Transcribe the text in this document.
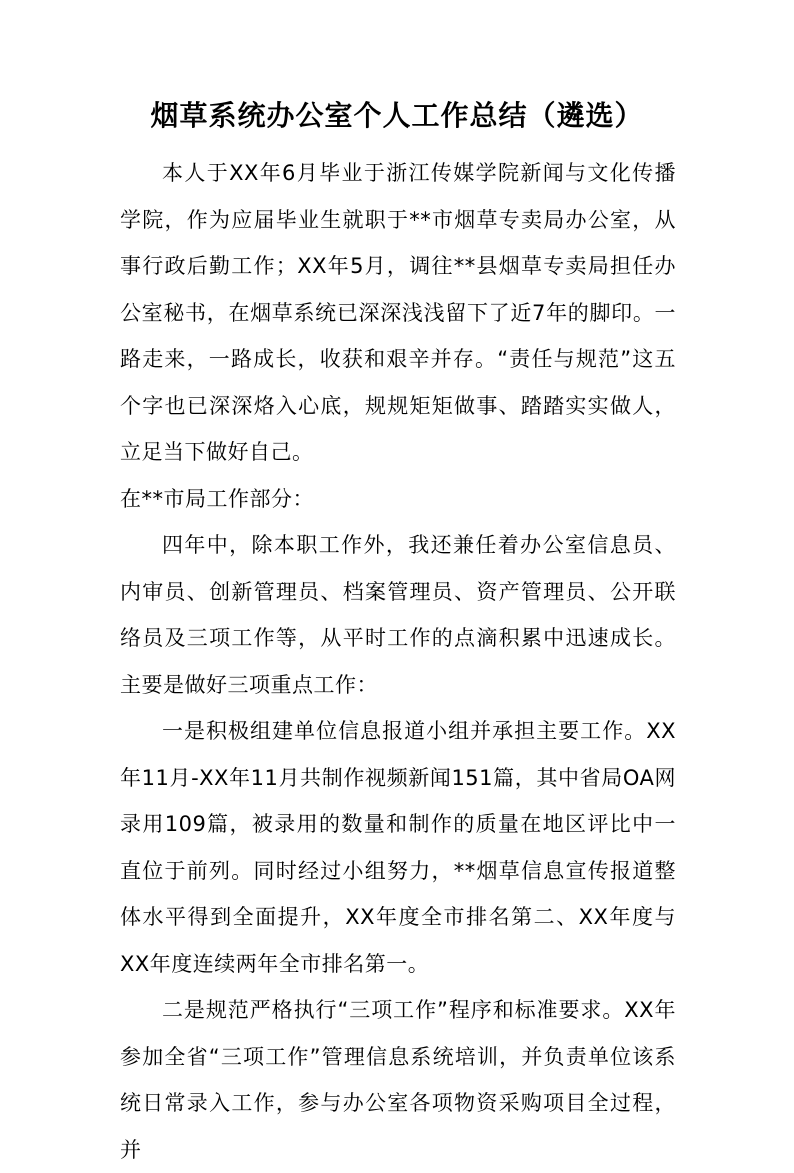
烟草系统办公室个人工作总结（遴选）

本人于XX年6月毕业于浙江传媒学院新闻与文化传播学院，作为应届毕业生就职于**市烟草专卖局办公室，从事行政后勤工作；XX年5月，调往**县烟草专卖局担任办公室秘书，在烟草系统已深深浅浅留下了近7年的脚印。一路走来，一路成长，收获和艰辛并存。“责任与规范”这五个字也已深深烙入心底，规规矩矩做事、踏踏实实做人，立足当下做好自己。

在**市局工作部分：

四年中，除本职工作外，我还兼任着办公室信息员、内审员、创新管理员、档案管理员、资产管理员、公开联络员及三项工作等，从平时工作的点滴积累中迅速成长。主要是做好三项重点工作：

一是积极组建单位信息报道小组并承担主要工作。XX年11月-XX年11月共制作视频新闻151篇，其中省局OA网录用109篇，被录用的数量和制作的质量在地区评比中一直位于前列。同时经过小组努力，**烟草信息宣传报道整体水平得到全面提升，XX年度全市排名第二、XX年度与XX年度连续两年全市排名第一。

二是规范严格执行“三项工作”程序和标准要求。XX年参加全省“三项工作”管理信息系统培训，并负责单位该系统日常录入工作，参与办公室各项物资采购项目全过程，并
